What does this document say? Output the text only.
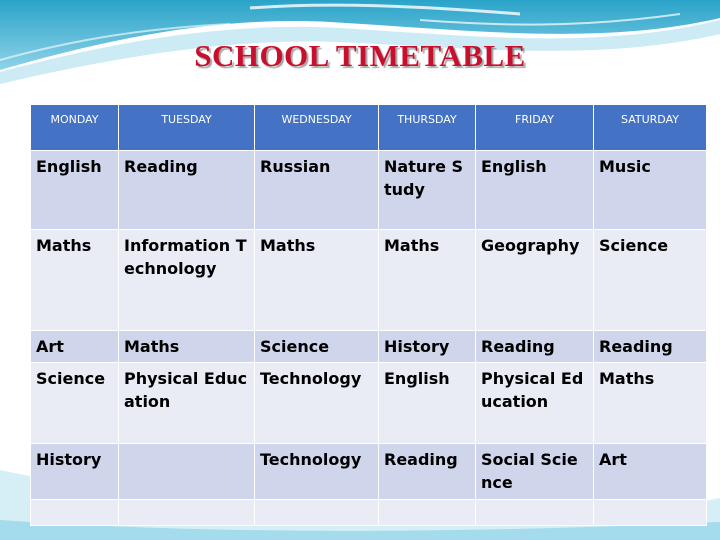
SCHOOL TIMETABLE
MONDAY	TUESDAY	WEDNESDAY	THURSDAY	FRIDAY	SATURDAY
English	Reading	Russian	Nature Study	English	Music
Maths	Information Technology	Maths	Maths	Geography	Science
Art	Maths	Science	History	Reading	Reading
Science	Physical Education	Technology	English	Physical Education	Maths
History		Technology	Reading	Social Science	Art
